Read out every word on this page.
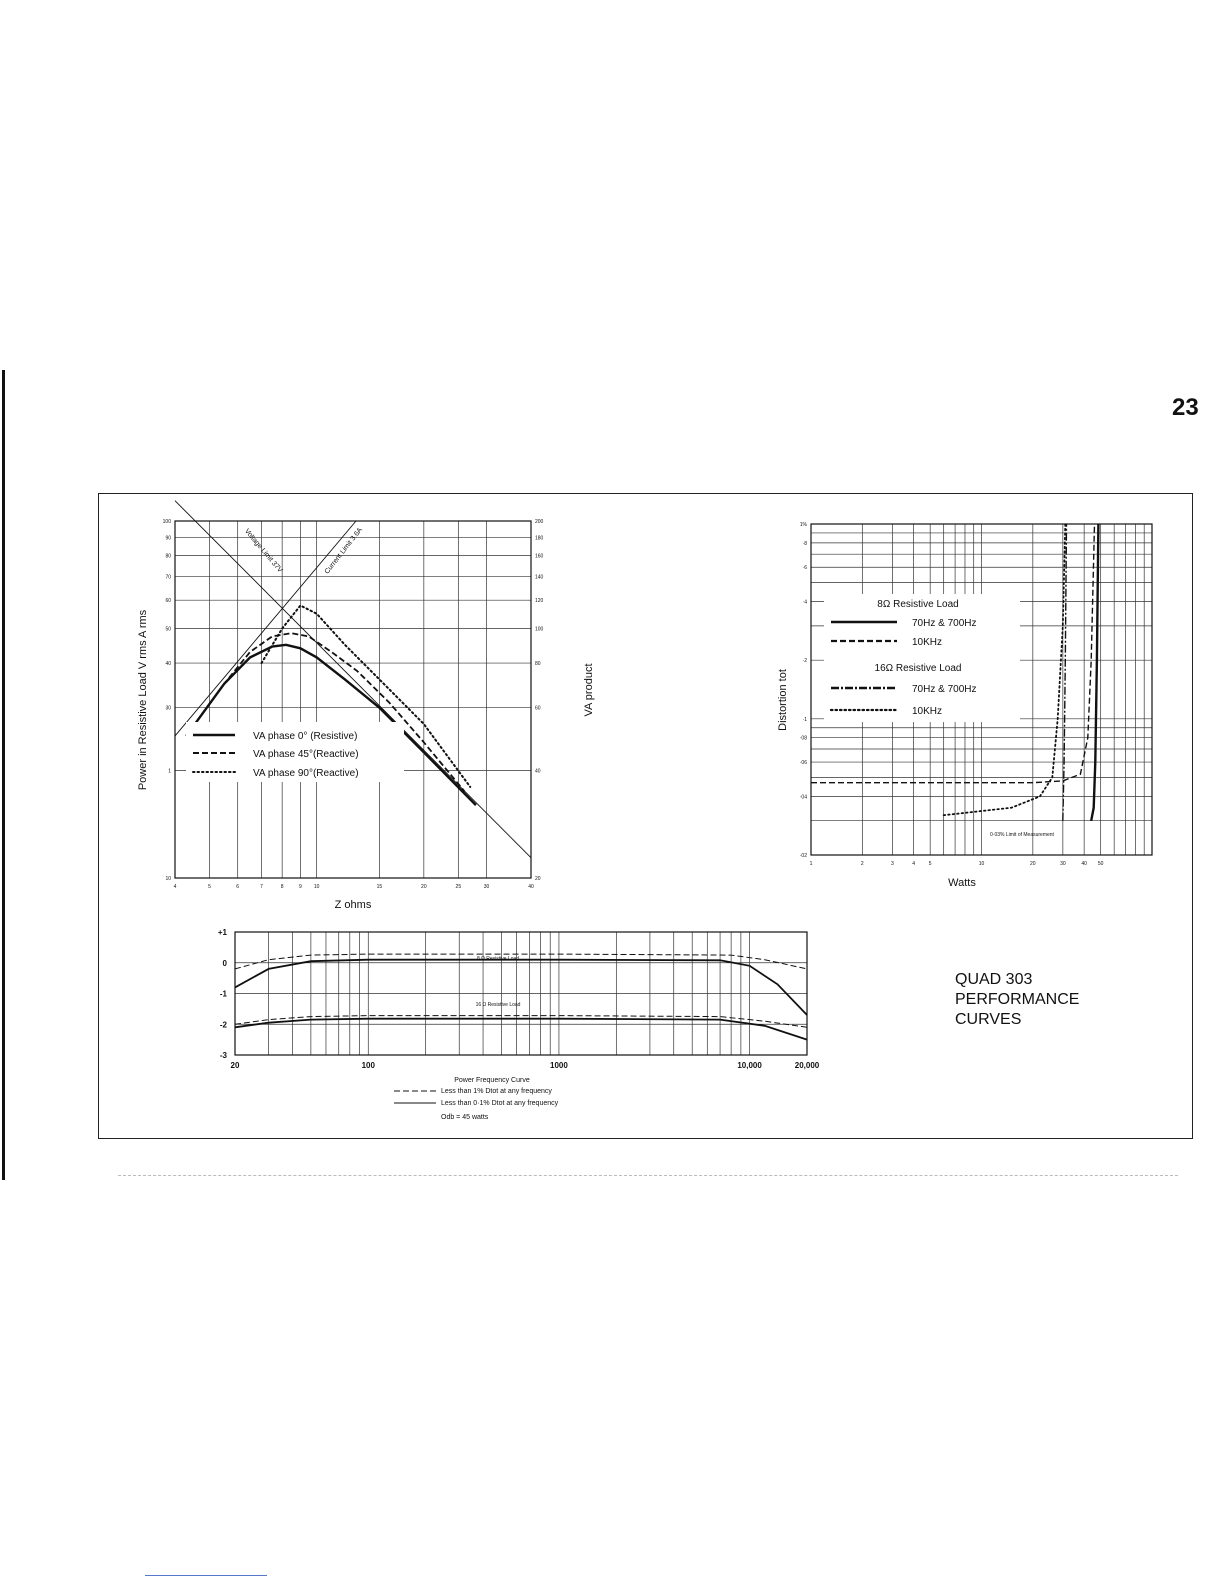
23
4	5	6	7	8	9 10	15	20	25	30	40
100
90
80
70
60
50
40
30
1
10
200
180
160
140
120
100
80
60
40
20
Z ohms
Power in Resistive Load V rms A rms	VA product
Voltage Limit 37V	Current Limit 3.6A
VA phase 0° (Resistive)
VA phase 45°(Reactive)
VA phase 90°(Reactive)
1	2	3	4	5	10	20	30	40 50
1%
·8
·6
·4
·2
·1
·08
·06
·04
·02
Watts
Distortion tot
0·03% Limit of Measurement
8Ω Resistive Load
16Ω Resistive Load
70Hz & 700Hz
10KHz
70Hz & 700Hz
10KHz
20	100	1000	10,000	20,000
+1
0
-1
-2
-3
8 Ω Resistive Load
16 Ω Resistive Load
Power Frequency Curve
Less than 1% Dtot at any frequency
Less than 0·1% Dtot at any frequency
Odb = 45 watts
QUAD 303
PERFORMANCE
CURVES
